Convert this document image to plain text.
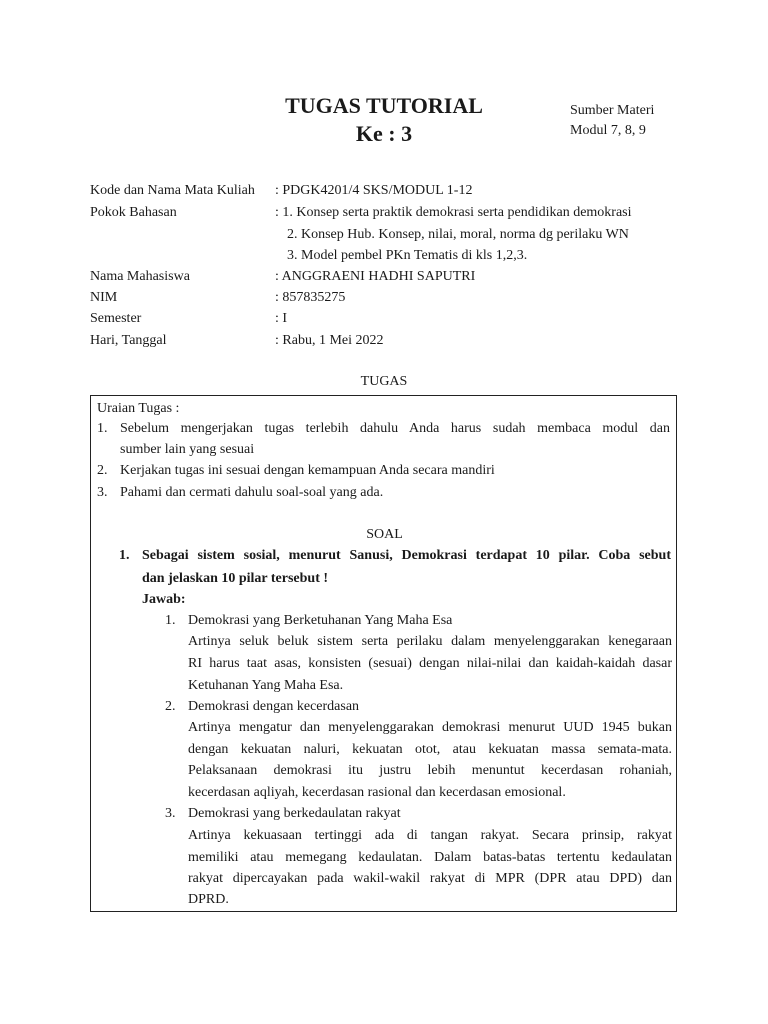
TUGAS TUTORIAL
Ke : 3
Sumber Materi
Modul 7, 8, 9
Kode dan Nama Mata Kuliah	: PDGK4201/4 SKS/MODUL 1-12
Pokok Bahasan	: 1. Konsep serta praktik demokrasi serta pendidikan demokrasi
2. Konsep Hub. Konsep, nilai, moral, norma dg perilaku WN
3. Model pembel PKn Tematis di kls 1,2,3.
Nama Mahasiswa	: ANGGRAENI HADHI SAPUTRI
NIM	: 857835275
Semester	: I
Hari, Tanggal	: Rabu, 1 Mei 2022
TUGAS
Uraian Tugas :
1. Sebelum mengerjakan tugas terlebih dahulu Anda harus sudah membaca modul dan
sumber lain yang sesuai
2. Kerjakan tugas ini sesuai dengan kemampuan Anda secara mandiri
3. Pahami dan cermati dahulu soal-soal yang ada.
SOAL
1. Sebagai sistem sosial, menurut Sanusi, Demokrasi terdapat 10 pilar. Coba sebut
dan jelaskan 10 pilar tersebut !
Jawab:
1. Demokrasi yang Berketuhanan Yang Maha Esa
Artinya seluk beluk sistem serta perilaku dalam menyelenggarakan kenegaraan
RI harus taat asas, konsisten (sesuai) dengan nilai-nilai dan kaidah-kaidah dasar
Ketuhanan Yang Maha Esa.
2. Demokrasi dengan kecerdasan
Artinya mengatur dan menyelenggarakan demokrasi menurut UUD 1945 bukan
dengan kekuatan naluri, kekuatan otot, atau kekuatan massa semata-mata.
Pelaksanaan demokrasi itu justru lebih menuntut kecerdasan rohaniah,
kecerdasan aqliyah, kecerdasan rasional dan kecerdasan emosional.
3. Demokrasi yang berkedaulatan rakyat
Artinya kekuasaan tertinggi ada di tangan rakyat. Secara prinsip, rakyat
memiliki atau memegang kedaulatan. Dalam batas-batas tertentu kedaulatan
rakyat dipercayakan pada wakil-wakil rakyat di MPR (DPR atau DPD) dan
DPRD.
